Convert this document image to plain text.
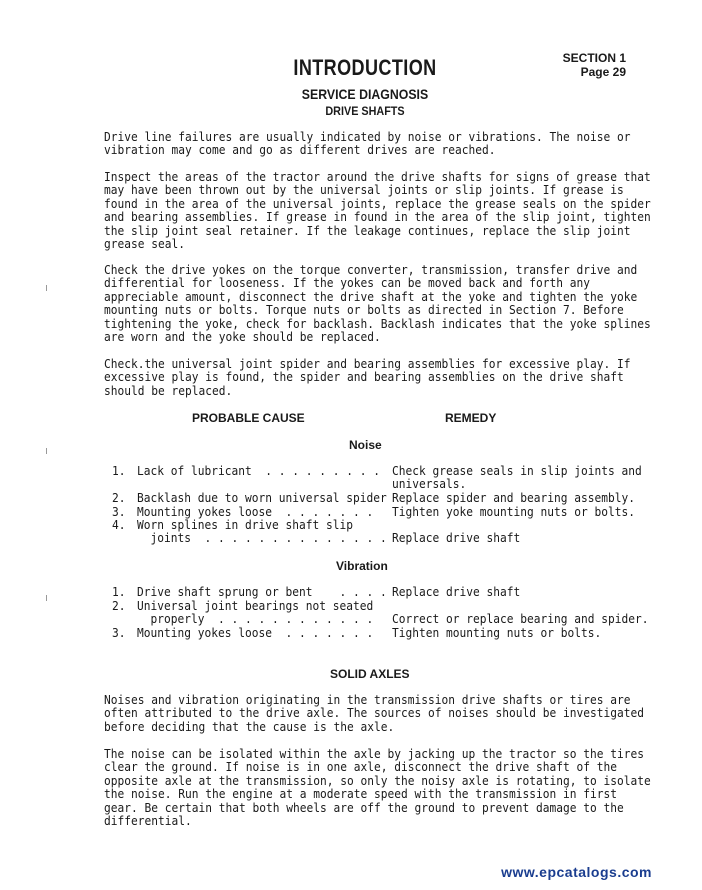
SECTION 1
Page 29
INTRODUCTION
SERVICE DIAGNOSIS
DRIVE SHAFTS
Drive line failures are usually indicated by noise or vibrations. The noise or
vibration may come and go as different drives are reached.
Inspect the areas of the tractor around the drive shafts for signs of grease that
may have been thrown out by the universal joints or slip joints. If grease is
found in the area of the universal joints, replace the grease seals on the spider
and bearing assemblies. If grease in found in the area of the slip joint, tighten
the slip joint seal retainer. If the leakage continues, replace the slip joint
grease seal.
Check the drive yokes on the torque converter, transmission, transfer drive and
differential for looseness. If the yokes can be moved back and forth any
appreciable amount, disconnect the drive shaft at the yoke and tighten the yoke
mounting nuts or bolts. Torque nuts or bolts as directed in Section 7. Before
tightening the yoke, check for backlash. Backlash indicates that the yoke splines
are worn and the yoke should be replaced.
Check.the universal joint spider and bearing assemblies for excessive play. If
excessive play is found, the spider and bearing assemblies on the drive shaft
should be replaced.
PROBABLE CAUSE	REMEDY
Noise
1. Lack of lubricant  . . . . . . . . . Check grease seals in slip joints and
universals.
2. Backlash due to worn universal spider Replace spider and bearing assembly.
3. Mounting yokes loose  . . . . . . . Tighten yoke mounting nuts or bolts.
4. Worn splines in drive shaft slip
joints  . . . . . . . . . . . . . .
Replace drive shaft
Vibration
1. Drive shaft sprung or bent    . . . . Replace drive shaft
2. Universal joint bearings not seated
properly  . . . . . . . . . . . .
Correct or replace bearing and spider.
3. Mounting yokes loose  . . . . . . . Tighten mounting nuts or bolts.
SOLID AXLES
Noises and vibration originating in the transmission drive shafts or tires are
often attributed to the drive axle. The sources of noises should be investigated
before deciding that the cause is the axle.
The noise can be isolated within the axle by jacking up the tractor so the tires
clear the ground. If noise is in one axle, disconnect the drive shaft of the
opposite axle at the transmission, so only the noisy axle is rotating, to isolate
the noise. Run the engine at a moderate speed with the transmission in first
gear. Be certain that both wheels are off the ground to prevent damage to the
differential.
www.epcatalogs.com
